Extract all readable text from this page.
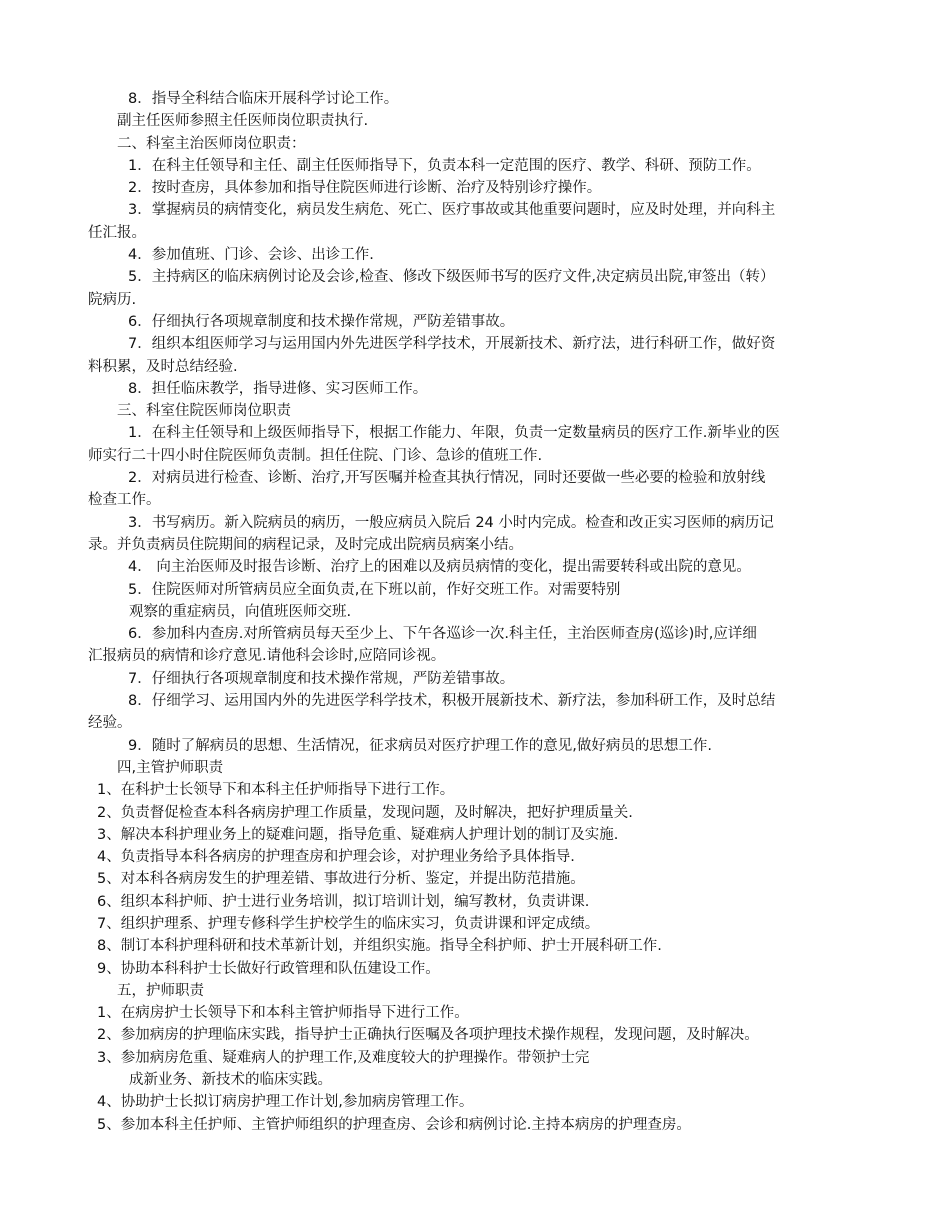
8．指导全科结合临床开展科学讨论工作。
副主任医师参照主任医师岗位职责执行.
二、科室主治医师岗位职责：
1．在科主任领导和主任、副主任医师指导下，负责本科一定范围的医疗、教学、科研、预防工作。
2．按时查房，具体参加和指导住院医师进行诊断、治疗及特别诊疗操作。
3．掌握病员的病情变化，病员发生病危、死亡、医疗事故或其他重要问题时，应及时处理，并向科主
任汇报。
4．参加值班、门诊、会诊、出诊工作.
5．主持病区的临床病例讨论及会诊,检查、修改下级医师书写的医疗文件,决定病员出院,审签出（转）
院病历.
6．仔细执行各项规章制度和技术操作常规，严防差错事故。
7．组织本组医师学习与运用国内外先进医学科学技术，开展新技术、新疗法，进行科研工作，做好资
料积累，及时总结经验.
8．担任临床教学，指导进修、实习医师工作。
三、科室住院医师岗位职责
1．在科主任领导和上级医师指导下，根据工作能力、年限，负责一定数量病员的医疗工作.新毕业的医
师实行二十四小时住院医师负责制。担任住院、门诊、急诊的值班工作.
2．对病员进行检查、诊断、治疗,开写医嘱并检查其执行情况，同时还要做一些必要的检验和放射线
检查工作。
3．书写病历。新入院病员的病历，一般应病员入院后 24 小时内完成。检查和改正实习医师的病历记
录。并负责病员住院期间的病程记录，及时完成出院病员病案小结。
4． 向主治医师及时报告诊断、治疗上的困难以及病员病情的变化，提出需要转科或出院的意见。
5．住院医师对所管病员应全面负责,在下班以前，作好交班工作。对需要特别
观察的重症病员，向值班医师交班.
6．参加科内查房.对所管病员每天至少上、下午各巡诊一次.科主任，主治医师查房(巡诊)时,应详细
汇报病员的病情和诊疗意见.请他科会诊时,应陪同诊视。
7．仔细执行各项规章制度和技术操作常规，严防差错事故。
8．仔细学习、运用国内外的先进医学科学技术，积极开展新技术、新疗法，参加科研工作，及时总结
经验。
9．随时了解病员的思想、生活情况，征求病员对医疗护理工作的意见,做好病员的思想工作.
四,主管护师职责
1、在科护士长领导下和本科主任护师指导下进行工作。
2、负责督促检查本科各病房护理工作质量，发现问题，及时解决，把好护理质量关.
3、解决本科护理业务上的疑难问题，指导危重、疑难病人护理计划的制订及实施.
4、负责指导本科各病房的护理查房和护理会诊，对护理业务给予具体指导.
5、对本科各病房发生的护理差错、事故进行分析、鉴定，并提出防范措施。
6、组织本科护师、护士进行业务培训，拟订培训计划，编写教材，负责讲课.
7、组织护理系、护理专修科学生护校学生的临床实习，负责讲课和评定成绩。
8、制订本科护理科研和技术革新计划，并组织实施。指导全科护师、护士开展科研工作.
9、协助本科科护士长做好行政管理和队伍建设工作。
五，护师职责
1、在病房护士长领导下和本科主管护师指导下进行工作。
2、参加病房的护理临床实践，指导护士正确执行医嘱及各项护理技术操作规程，发现问题，及时解决。
3、参加病房危重、疑难病人的护理工作,及难度较大的护理操作。带领护士完
成新业务、新技术的临床实践。
4、协助护士长拟订病房护理工作计划,参加病房管理工作。
5、参加本科主任护师、主管护师组织的护理查房、会诊和病例讨论.主持本病房的护理查房。
